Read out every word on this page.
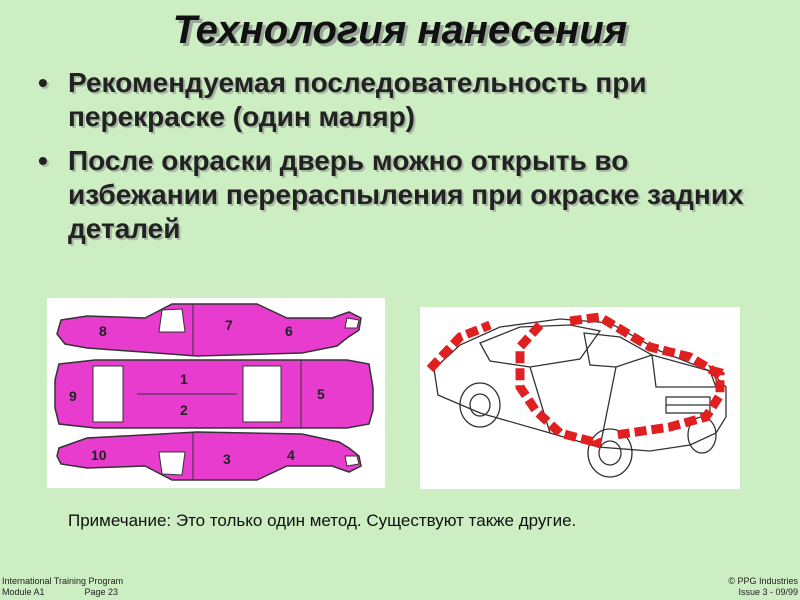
Технология нанесения
• Рекомендуемая последовательность при перекраске (один маляр)
• После окраски дверь можно открыть во избежании перераспыления при окраске задних деталей
8	7	6
1
9	5
2
10	4
3
Примечание: Это только один метод. Существуют также другие.
International Training Program
Module A1	Page 23
© PPG Industries
Issue 3 - 09/99
